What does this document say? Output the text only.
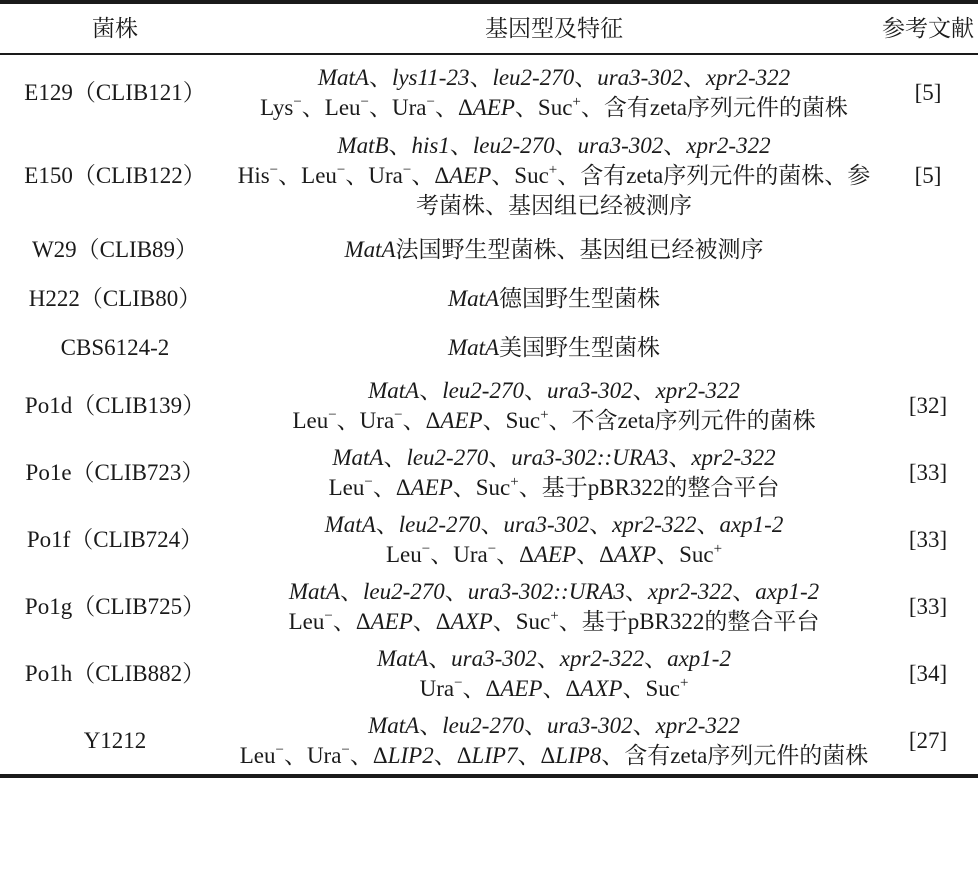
菌株	基因型及特征	参考文献
E129（CLIB121）	MatA、lys11-23、leu2-270、ura3-302、xpr2-322
Lys−、Leu−、Ura−、ΔAEP、Suc+、含有zeta序列元件的菌株	[5]
E150（CLIB122）	MatB、his1、leu2-270、ura3-302、xpr2-322
His−、Leu−、Ura−、ΔAEP、Suc+、含有zeta序列元件的菌株、参
考菌株、基因组已经被测序	[5]
W29（CLIB89）	MatA法国野生型菌株、基因组已经被测序	

H222（CLIB80）	MatA德国野生型菌株	

CBS6124-2	MatA美国野生型菌株	

Po1d（CLIB139）	MatA、leu2-270、ura3-302、xpr2-322
Leu−、Ura−、ΔAEP、Suc+、不含zeta序列元件的菌株	[32]
Po1e（CLIB723）	MatA、leu2-270、ura3-302::URA3、xpr2-322
Leu−、ΔAEP、Suc+、基于pBR322的整合平台	[33]
Po1f（CLIB724）	MatA、leu2-270、ura3-302、xpr2-322、axp1-2
Leu−、Ura−、ΔAEP、ΔAXP、Suc+	[33]
Po1g（CLIB725）	MatA、leu2-270、ura3-302::URA3、xpr2-322、axp1-2
Leu−、ΔAEP、ΔAXP、Suc+、基于pBR322的整合平台	[33]
Po1h（CLIB882）	MatA、ura3-302、xpr2-322、axp1-2
Ura−、ΔAEP、ΔAXP、Suc+	[34]
Y1212	MatA、leu2-270、ura3-302、xpr2-322
Leu−、Ura−、ΔLIP2、ΔLIP7、ΔLIP8、含有zeta序列元件的菌株	[27]
